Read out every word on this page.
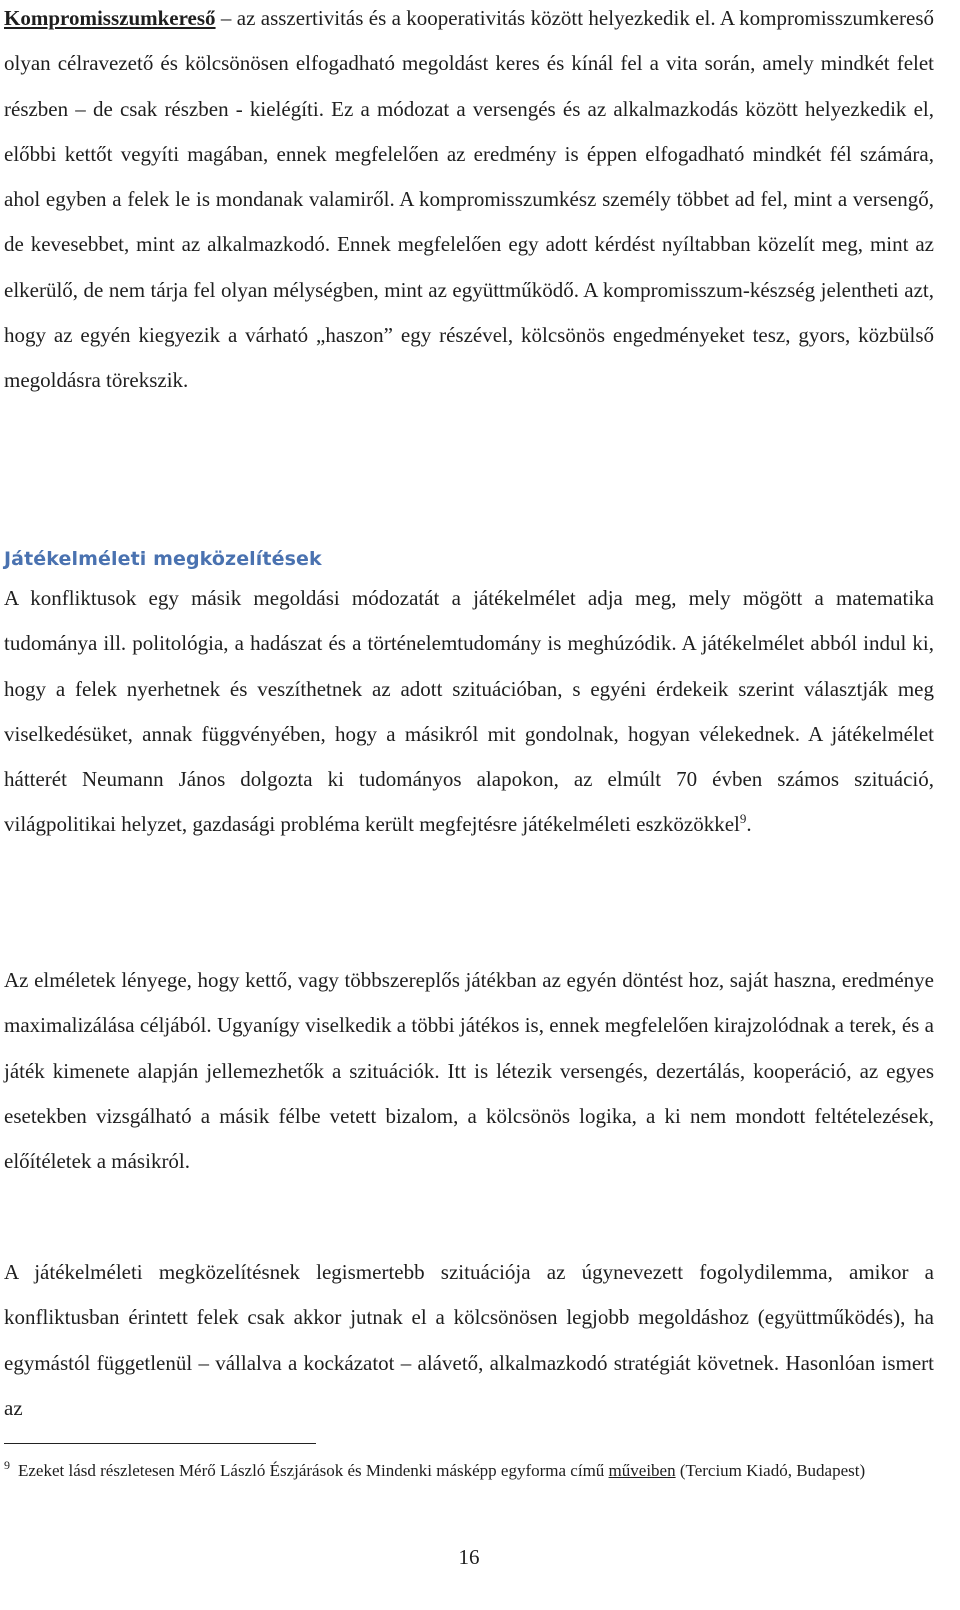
Kompromisszumkereső – az asszertivitás és a kooperativitás között helyezkedik el. A kompromisszumkereső olyan célravezető és kölcsönösen elfogadható megoldást keres és kínál fel a vita során, amely mindkét felet részben – de csak részben - kielégíti. Ez a módozat a versengés és az alkalmazkodás között helyezkedik el, előbbi kettőt vegyíti magában, ennek megfelelően az eredmény is éppen elfogadható mindkét fél számára, ahol egyben a felek le is mondanak valamiről. A kompromisszumkész személy többet ad fel, mint a versengő, de kevesebbet, mint az alkalmazkodó. Ennek megfelelően egy adott kérdést nyíltabban közelít meg, mint az elkerülő, de nem tárja fel olyan mélységben, mint az együttműködő. A kompromisszum-készség jelentheti azt, hogy az egyén kiegyezik a várható „haszon” egy részével, kölcsönös engedményeket tesz, gyors, közbülső megoldásra törekszik.

Játékelméleti megközelítések

A konfliktusok egy másik megoldási módozatát a játékelmélet adja meg, mely mögött a matematika tudománya ill. politológia, a hadászat és a történelemtudomány is meghúzódik. A játékelmélet abból indul ki, hogy a felek nyerhetnek és veszíthetnek az adott szituációban, s egyéni érdekeik szerint választják meg viselkedésüket, annak függvényében, hogy a másikról mit gondolnak, hogyan vélekednek. A játékelmélet hátterét Neumann János dolgozta ki tudományos alapokon, az elmúlt 70 évben számos szituáció, világpolitikai helyzet, gazdasági probléma került megfejtésre játékelméleti eszközökkel$^9$.

Az elméletek lényege, hogy kettő, vagy többszereplős játékban az egyén döntést hoz, saját haszna, eredménye maximalizálása céljából. Ugyanígy viselkedik a többi játékos is, ennek megfelelően kirajzolódnak a terek, és a játék kimenete alapján jellemezhetők a szituációk. Itt is létezik versengés, dezertálás, kooperáció, az egyes esetekben vizsgálható a másik félbe vetett bizalom, a kölcsönös logika, a ki nem mondott feltételezések, előítéletek a másikról.

A játékelméleti megközelítésnek legismertebb szituációja az úgynevezett fogolydilemma, amikor a konfliktusban érintett felek csak akkor jutnak el a kölcsönösen legjobb megoldáshoz (együttműködés), ha egymástól függetlenül – vállalva a kockázatot – alávető, alkalmazkodó stratégiát követnek. Hasonlóan ismert az

$^9$ Ezeket lásd részletesen Mérő László Észjárások és Mindenki másképp egyforma című műveiben (Tercium Kiadó, Budapest)

16
